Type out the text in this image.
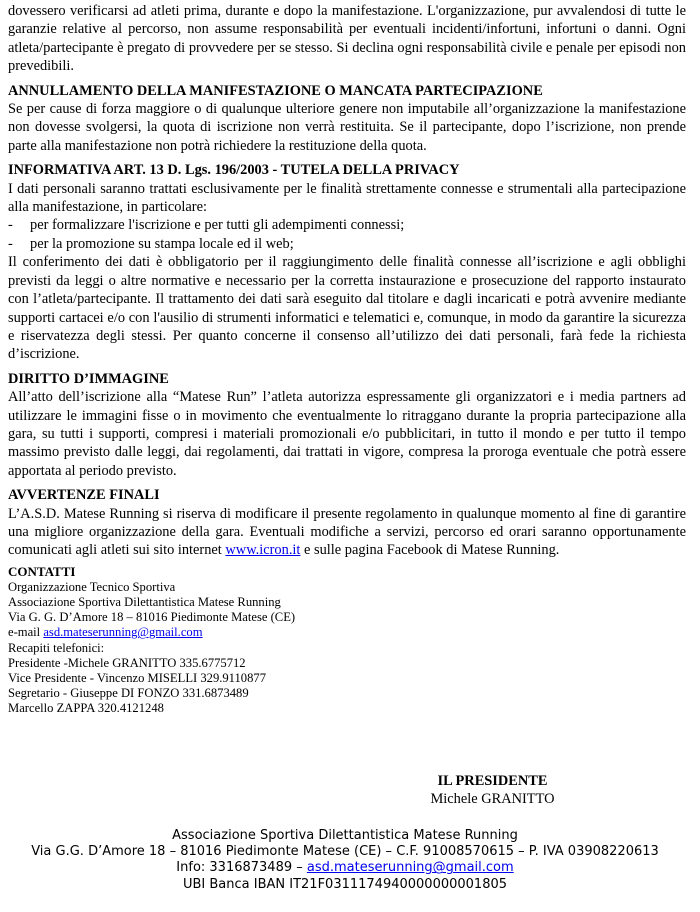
dovessero verificarsi ad atleti prima, durante e dopo la manifestazione. L'organizzazione, pur avvalendosi di tutte le garanzie relative al percorso, non assume responsabilità per eventuali incidenti/infortuni, infortuni o danni. Ogni atleta/partecipante è pregato di provvedere per se stesso. Si declina ogni responsabilità civile e penale per episodi non prevedibili.

ANNULLAMENTO DELLA MANIFESTAZIONE O MANCATA PARTECIPAZIONE

Se per cause di forza maggiore o di qualunque ulteriore genere non imputabile all’organizzazione la manifestazione non dovesse svolgersi, la quota di iscrizione non verrà restituita. Se il partecipante, dopo l’iscrizione, non prende parte alla manifestazione non potrà richiedere la restituzione della quota.

INFORMATIVA ART. 13 D. Lgs. 196/2003 - TUTELA DELLA PRIVACY

I dati personali saranno trattati esclusivamente per le finalità strettamente connesse e strumentali alla partecipazione alla manifestazione, in particolare:

-	per formalizzare l'iscrizione e per tutti gli adempimenti connessi;

-	per la promozione su stampa locale ed il web;

Il conferimento dei dati è obbligatorio per il raggiungimento delle finalità connesse all’iscrizione e agli obblighi previsti da leggi o altre normative e necessario per la corretta instaurazione e prosecuzione del rapporto instaurato con l’atleta/partecipante. Il trattamento dei dati sarà eseguito dal titolare e dagli incaricati e potrà avvenire mediante supporti cartacei e/o con l'ausilio di strumenti informatici e telematici e, comunque, in modo da garantire la sicurezza e riservatezza degli stessi. Per quanto concerne il consenso all’utilizzo dei dati personali, farà fede la richiesta d’iscrizione.

DIRITTO D’IMMAGINE

All’atto dell’iscrizione alla “Matese Run” l’atleta autorizza espressamente gli organizzatori e i media partners ad utilizzare le immagini fisse o in movimento che eventualmente lo ritraggano durante la propria partecipazione alla gara, su tutti i supporti, compresi i materiali promozionali e/o pubblicitari, in tutto il mondo e per tutto il tempo massimo previsto dalle leggi, dai regolamenti, dai trattati in vigore, compresa la proroga eventuale che potrà essere apportata al periodo previsto.

AVVERTENZE FINALI

L’A.S.D. Matese Running si riserva di modificare il presente regolamento in qualunque momento al fine di garantire una migliore organizzazione della gara. Eventuali modifiche a servizi, percorso ed orari saranno opportunamente comunicati agli atleti sui sito internet www.icron.it e sulle pagina Facebook di Matese Running.

CONTATTI

Organizzazione Tecnico Sportiva

Associazione Sportiva Dilettantistica Matese Running

Via G. G. D’Amore 18 – 81016 Piedimonte Matese (CE)

e-mail asd.mateserunning@gmail.com

Recapiti telefonici:

Presidente -Michele GRANITTO 335.6775712

Vice Presidente - Vincenzo MISELLI 329.9110877

Segretario - Giuseppe DI FONZO 331.6873489

Marcello ZAPPA 320.4121248

IL PRESIDENTE

Michele GRANITTO

Associazione Sportiva Dilettantistica Matese Running

Via G.G. D’Amore 18 – 81016 Piedimonte Matese (CE) – C.F. 91008570615 – P. IVA 03908220613

Info: 3316873489 – asd.mateserunning@gmail.com

UBI Banca IBAN IT21F0311174940000000001805
